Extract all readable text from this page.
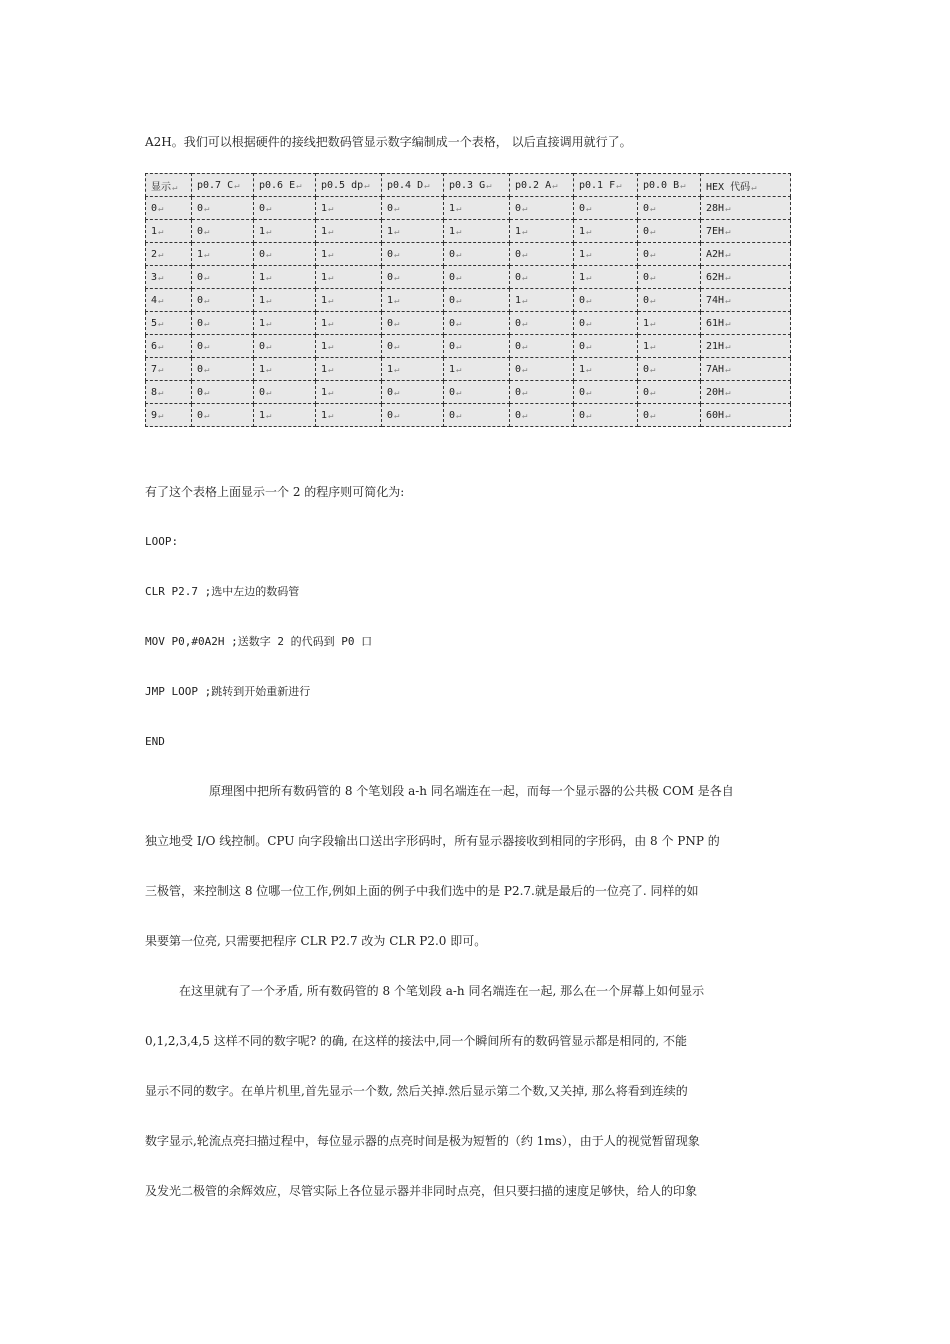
A2H。我们可以根据硬件的接线把数码管显示数字编制成一个表格， 以后直接调用就行了。
显示↵	p0.7 C↵	p0.6 E↵	p0.5 dp↵	p0.4 D↵	p0.3 G↵	p0.2 A↵	p0.1 F↵	p0.0 B↵	HEX 代码↵
0↵	0↵	0↵	1↵	0↵	1↵	0↵	0↵	0↵	28H↵
1↵	0↵	1↵	1↵	1↵	1↵	1↵	1↵	0↵	7EH↵
2↵	1↵	0↵	1↵	0↵	0↵	0↵	1↵	0↵	A2H↵
3↵	0↵	1↵	1↵	0↵	0↵	0↵	1↵	0↵	62H↵
4↵	0↵	1↵	1↵	1↵	0↵	1↵	0↵	0↵	74H↵
5↵	0↵	1↵	1↵	0↵	0↵	0↵	0↵	1↵	61H↵
6↵	0↵	0↵	1↵	0↵	0↵	0↵	0↵	1↵	21H↵
7↵	0↵	1↵	1↵	1↵	1↵	0↵	1↵	0↵	7AH↵
8↵	0↵	0↵	1↵	0↵	0↵	0↵	0↵	0↵	20H↵
9↵	0↵	1↵	1↵	0↵	0↵	0↵	0↵	0↵	60H↵
有了这个表格上面显示一个 2 的程序则可简化为:
LOOP:
CLR P2.7 ;选中左边的数码管
MOV P0,#0A2H ;送数字 2 的代码到 P0 口
JMP LOOP ;跳转到开始重新进行
END
原理图中把所有数码管的 8 个笔划段 a-h 同名端连在一起，而每一个显示器的公共极 COM 是各自
独立地受 I/O 线控制。CPU 向字段输出口送出字形码时，所有显示器接收到相同的字形码，由 8 个 PNP 的
三极管，来控制这 8 位哪一位工作,例如上面的例子中我们选中的是 P2.7.就是最后的一位亮了. 同样的如
果要第一位亮, 只需要把程序 CLR P2.7 改为 CLR P2.0 即可。
在这里就有了一个矛盾, 所有数码管的 8 个笔划段 a-h 同名端连在一起, 那么在一个屏幕上如何显示
0,1,2,3,4,5 这样不同的数字呢? 的确, 在这样的接法中,同一个瞬间所有的数码管显示都是相同的, 不能
显示不同的数字。在单片机里,首先显示一个数, 然后关掉.然后显示第二个数,又关掉, 那么将看到连续的
数字显示,轮流点亮扫描过程中，每位显示器的点亮时间是极为短暂的（约 1ms），由于人的视觉暂留现象
及发光二极管的余辉效应，尽管实际上各位显示器并非同时点亮，但只要扫描的速度足够快，给人的印象
